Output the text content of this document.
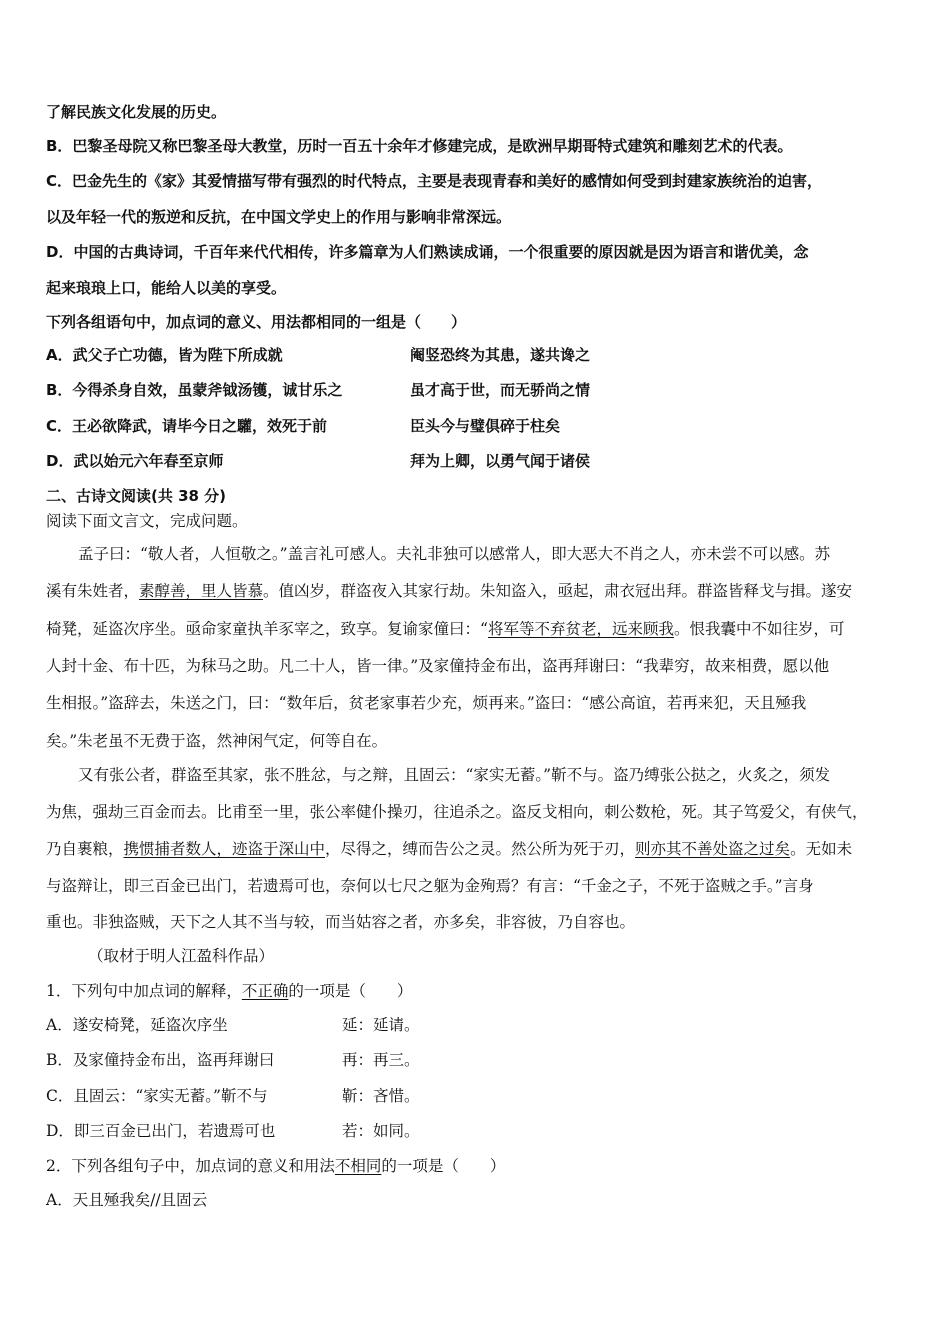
了解民族文化发展的历史。
B．巴黎圣母院又称巴黎圣母大教堂，历时一百五十余年才修建完成，是欧洲早期哥特式建筑和雕刻艺术的代表。
C．巴金先生的《家》其爱情描写带有强烈的时代特点，主要是表现青春和美好的感情如何受到封建家族统治的迫害，
以及年轻一代的叛逆和反抗，在中国文学史上的作用与影响非常深远。
D．中国的古典诗词，千百年来代代相传，许多篇章为人们熟读成诵，一个很重要的原因就是因为语言和谐优美，念
起来琅琅上口，能给人以美的享受。
下列各组语句中，加点词的意义、用法都相同的一组是（　　）
A．武父子亡功德，皆为陛下所成就	阉竖恐终为其患，遂共谗之
B．今得杀身自效，虽蒙斧钺汤镬，诚甘乐之	虽才高于世，而无骄尚之情
C．王必欲降武，请毕今日之驩，效死于前	臣头今与璧俱碎于柱矣
D．武以始元六年春至京师	拜为上卿，以勇气闻于诸侯
二、古诗文阅读(共 38 分)
阅读下面文言文，完成问题。
孟子曰：“敬人者，人恒敬之。”盖言礼可感人。夫礼非独可以感常人，即大恶大不肖之人，亦未尝不可以感。苏
溪有朱姓者，素醇善，里人皆慕。值凶岁，群盗夜入其家行劫。朱知盗入，亟起，肃衣冠出拜。群盗皆释戈与揖。遂安
椅凳，延盗次序坐。亟命家童执羊豕宰之，致享。复谕家僮曰：“将军等不弃贫老，远来顾我。恨我囊中不如往岁，可
人封十金、布十匹，为秣马之助。凡二十人，皆一律。”及家僮持金布出，盗再拜谢曰：“我辈穷，故来相费，愿以他
生相报。”盗辞去，朱送之门，曰：“数年后，贫老家事若少充，烦再来。”盗曰：“感公高谊，若再来犯，天且殛我
矣。”朱老虽不无费于盗，然神闲气定，何等自在。
又有张公者，群盗至其家，张不胜忿，与之辩，且固云：“家实无蓄。”靳不与。盗乃缚张公挞之，火炙之，须发
为焦，强劫三百金而去。比甫至一里，张公率健仆操刃，往追杀之。盗反戈相向，刺公数枪，死。其子笃爱父，有侠气，
乃自裹粮，携惯捕者数人，迹盗于深山中，尽得之，缚而告公之灵。然公所为死于刃，则亦其不善处盗之过矣。无如未
与盗辩让，即三百金已出门，若遗焉可也，奈何以七尺之躯为金殉焉？有言：“千金之子，不死于盗贼之手。”言身
重也。非独盗贼，天下之人其不当与较，而当姑容之者，亦多矣，非容彼，乃自容也。
（取材于明人江盈科作品）
1．下列句中加点词的解释，不正确的一项是（　　）
A．遂安椅凳，延盗次序坐	延：延请。
B．及家僮持金布出，盗再拜谢曰	再：再三。
C．且固云：“家实无蓄。”靳不与	靳：吝惜。
D．即三百金已出门，若遗焉可也	若：如同。
2．下列各组句子中，加点词的意义和用法不相同的一项是（　　）
A．天且殛我矣//且固云
